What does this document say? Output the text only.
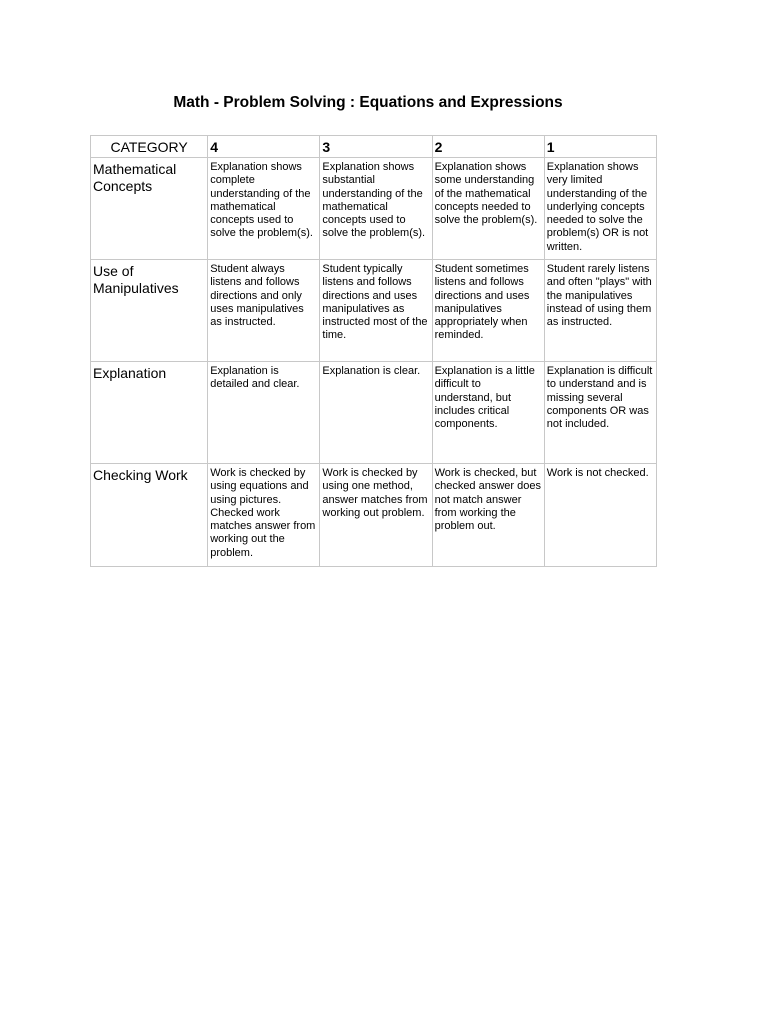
Math - Problem Solving : Equations and Expressions
CATEGORY	4	3	2	1
Mathematical Concepts	Explanation shows complete understanding of the mathematical concepts used to solve the problem(s).	Explanation shows substantial understanding of the mathematical concepts used to solve the problem(s).	Explanation shows some understanding of the mathematical concepts needed to solve the problem(s).	Explanation shows very limited understanding of the underlying concepts needed to solve the problem(s) OR is not written.
Use of Manipulatives	Student always listens and follows directions and only uses manipulatives as instructed.	Student typically listens and follows directions and uses manipulatives as instructed most of the time.	Student sometimes listens and follows directions and uses manipulatives appropriately when reminded.	Student rarely listens and often "plays" with the manipulatives instead of using them as instructed.
Explanation	Explanation is detailed and clear.	Explanation is clear.	Explanation is a little difficult to understand, but includes critical components.	Explanation is difficult to understand and is missing several components OR was not included.
Checking Work	Work is checked by using equations and using pictures. Checked work matches answer from working out the problem.	Work is checked by using one method, answer matches from working out problem.	Work is checked, but checked answer does not match answer from working the problem out.	Work is not checked.
